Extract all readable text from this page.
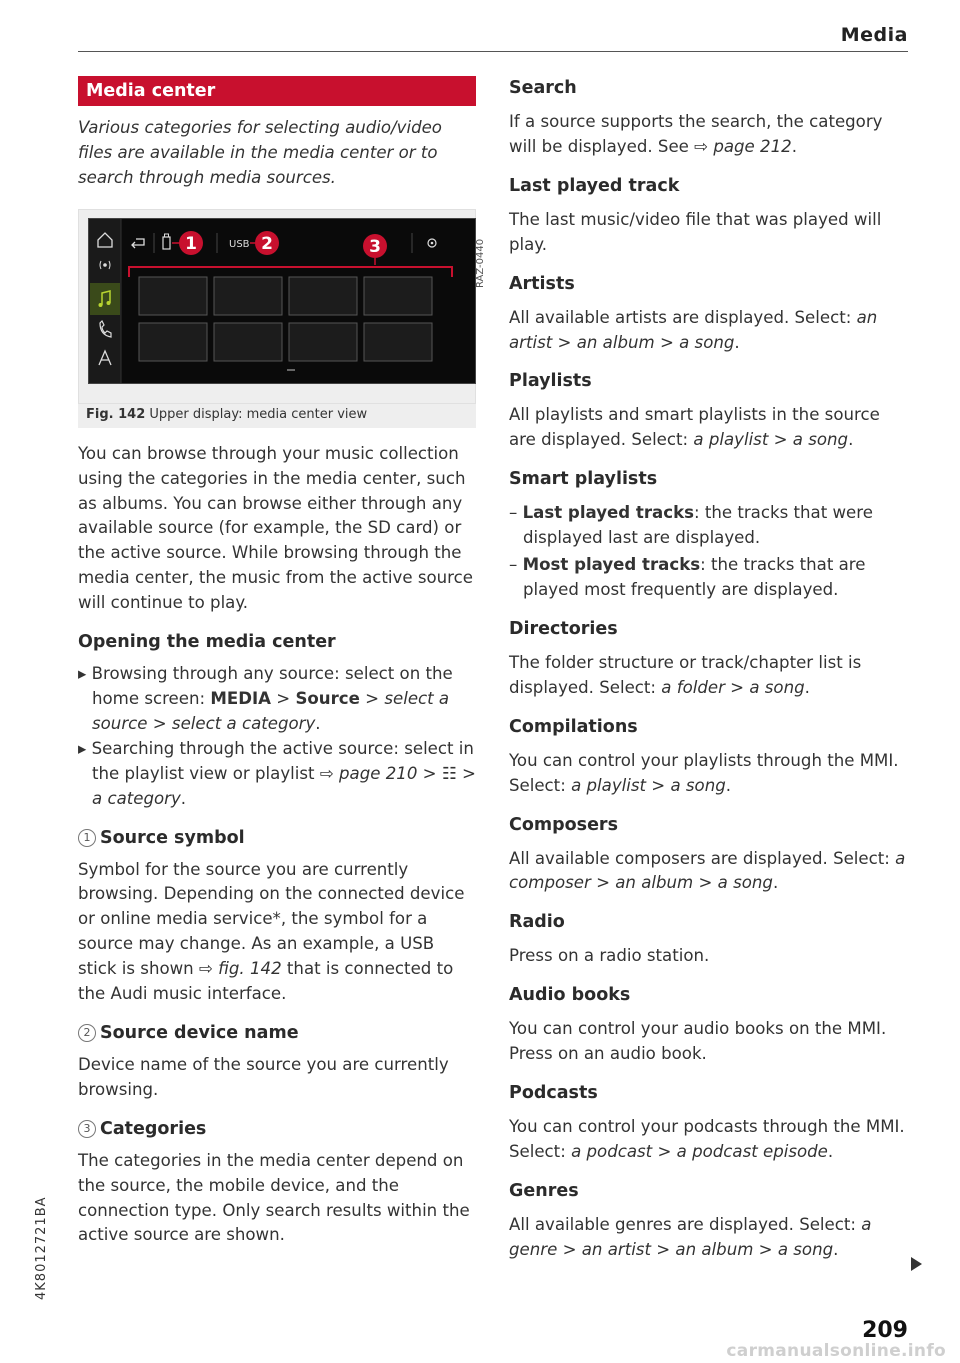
Media
Media center

Various categories for selecting audio/video files are available in the media center or to search through media sources.

1	USB 2	3	RAZ-0440
Fig. 142 Upper display: media center view

You can browse through your music collection using the categories in the media center, such as albums. You can browse either through any available source (for example, the SD card) or the active source. While browsing through the media center, the music from the active source will continue to play.

Opening the media center

▸ Browsing through any source: select on the home screen: MEDIA > Source > select a source > select a category.

▸ Searching through the active source: select in the playlist view or playlist ⇨ page 210 > ☷ > a category.

1 Source symbol

Symbol for the source you are currently browsing. Depending on the connected device or online media service*, the symbol for a source may change. As an example, a USB stick is shown ⇨ fig. 142 that is connected to the Audi music interface.

2 Source device name

Device name of the source you are currently browsing.

3 Categories

The categories in the media center depend on the source, the mobile device, and the connection type. Only search results within the active source are shown.

Search

If a source supports the search, the category will be displayed. See ⇨ page 212.

Last played track

The last music/video file that was played will play.

Artists

All available artists are displayed. Select: an artist > an album > a song.

Playlists

All playlists and smart playlists in the source are displayed. Select: a playlist > a song.

Smart playlists

– Last played tracks: the tracks that were displayed last are displayed.

– Most played tracks: the tracks that are played most frequently are displayed.

Directories

The folder structure or track/chapter list is displayed. Select: a folder > a song.

Compilations

You can control your playlists through the MMI. Select: a playlist > a song.

Composers

All available composers are displayed. Select: a composer > an album > a song.

Radio

Press on a radio station.

Audio books

You can control your audio books on the MMI. Press on an audio book.

Podcasts

You can control your podcasts through the MMI. Select: a podcast > a podcast episode.

Genres

All available genres are displayed. Select: a genre > an artist > an album > a song.

209
4K8012721BA
carmanualsonline.info
